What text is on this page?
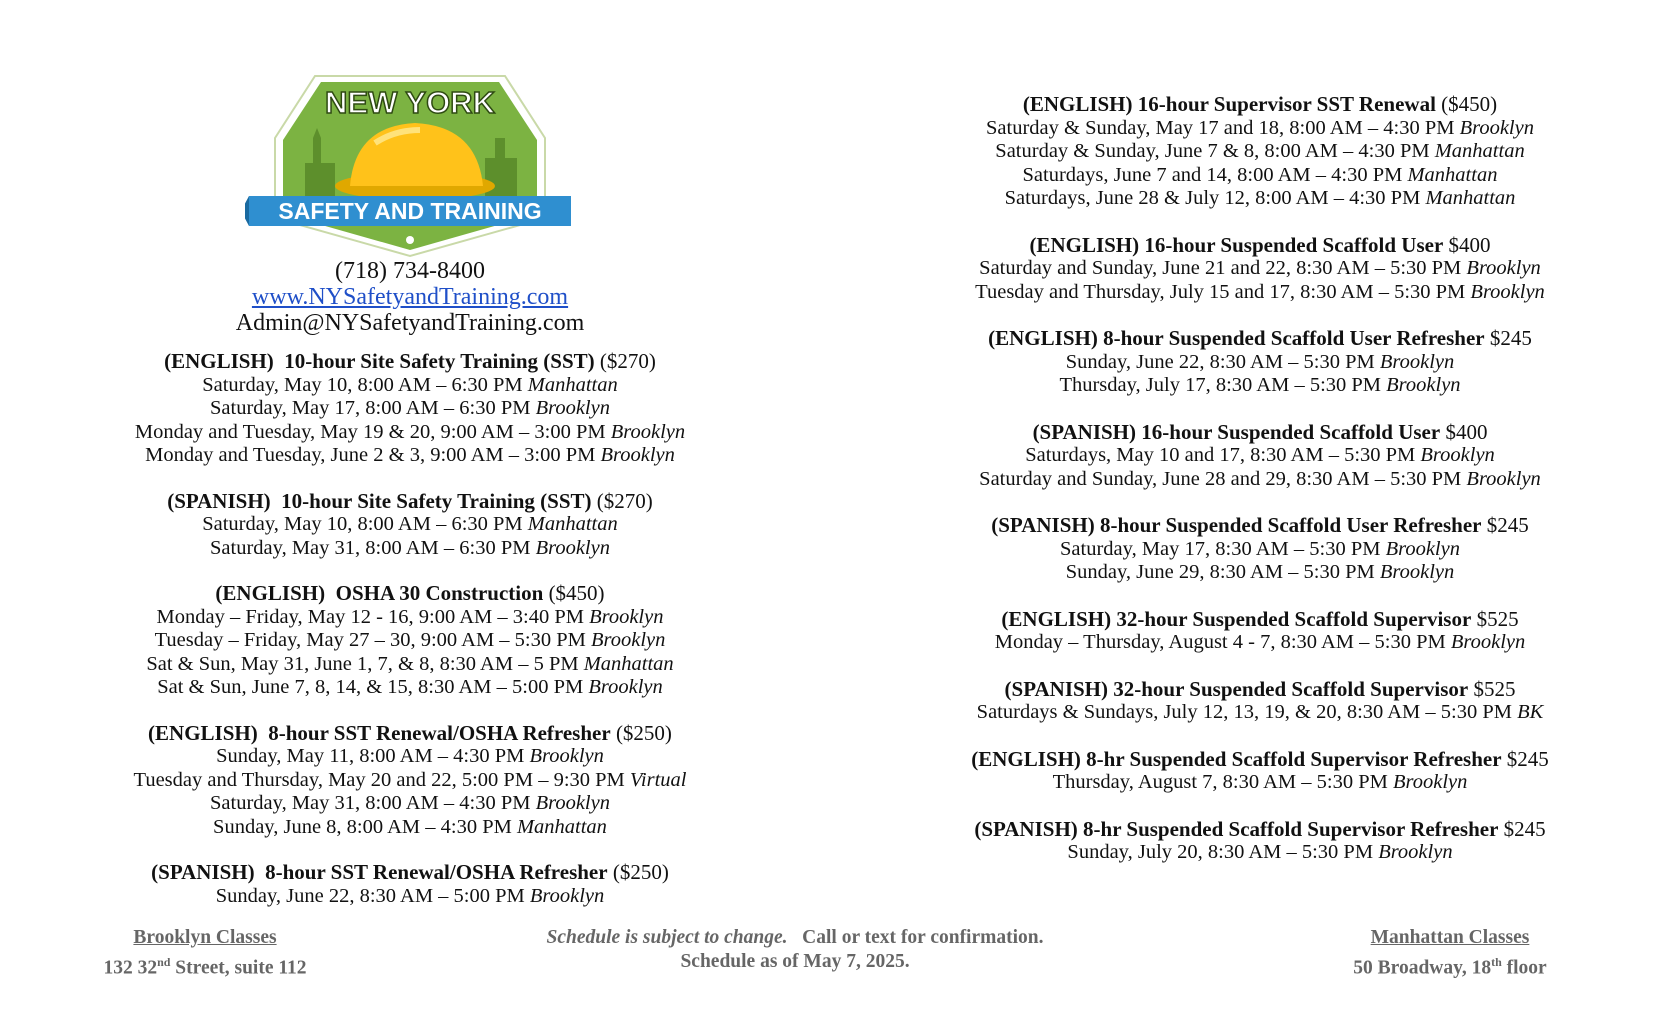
NEW YORK
SAFETY AND TRAINING
(718) 734-8400
www.NYSafetyandTraining.com
Admin@NYSafetyandTraining.com
(ENGLISH) 10-hour Site Safety Training (SST) ($270)
Saturday, May 10, 8:00 AM – 6:30 PM Manhattan
Saturday, May 17, 8:00 AM – 6:30 PM Brooklyn
Monday and Tuesday, May 19 & 20, 9:00 AM – 3:00 PM Brooklyn
Monday and Tuesday, June 2 & 3, 9:00 AM – 3:00 PM Brooklyn
(SPANISH) 10-hour Site Safety Training (SST) ($270)
Saturday, May 10, 8:00 AM – 6:30 PM Manhattan
Saturday, May 31, 8:00 AM – 6:30 PM Brooklyn
(ENGLISH) OSHA 30 Construction ($450)
Monday – Friday, May 12 - 16, 9:00 AM – 3:40 PM Brooklyn
Tuesday – Friday, May 27 – 30, 9:00 AM – 5:30 PM Brooklyn
Sat & Sun, May 31, June 1, 7, & 8, 8:30 AM – 5 PM Manhattan
Sat & Sun, June 7, 8, 14, & 15, 8:30 AM – 5:00 PM Brooklyn
(ENGLISH) 8-hour SST Renewal/OSHA Refresher ($250)
Sunday, May 11, 8:00 AM – 4:30 PM Brooklyn
Tuesday and Thursday, May 20 and 22, 5:00 PM – 9:30 PM Virtual
Saturday, May 31, 8:00 AM – 4:30 PM Brooklyn
Sunday, June 8, 8:00 AM – 4:30 PM Manhattan
(SPANISH) 8-hour SST Renewal/OSHA Refresher ($250)
Sunday, June 22, 8:30 AM – 5:00 PM Brooklyn
(ENGLISH) 16-hour Supervisor SST Renewal ($450)
Saturday & Sunday, May 17 and 18, 8:00 AM – 4:30 PM Brooklyn
Saturday & Sunday, June 7 & 8, 8:00 AM – 4:30 PM Manhattan
Saturdays, June 7 and 14, 8:00 AM – 4:30 PM Manhattan
Saturdays, June 28 & July 12, 8:00 AM – 4:30 PM Manhattan
(ENGLISH) 16-hour Suspended Scaffold User $400
Saturday and Sunday, June 21 and 22, 8:30 AM – 5:30 PM Brooklyn
Tuesday and Thursday, July 15 and 17, 8:30 AM – 5:30 PM Brooklyn
(ENGLISH) 8-hour Suspended Scaffold User Refresher $245
Sunday, June 22, 8:30 AM – 5:30 PM Brooklyn
Thursday, July 17, 8:30 AM – 5:30 PM Brooklyn
(SPANISH) 16-hour Suspended Scaffold User $400
Saturdays, May 10 and 17, 8:30 AM – 5:30 PM Brooklyn
Saturday and Sunday, June 28 and 29, 8:30 AM – 5:30 PM Brooklyn
(SPANISH) 8-hour Suspended Scaffold User Refresher $245
Saturday, May 17, 8:30 AM – 5:30 PM Brooklyn
Sunday, June 29, 8:30 AM – 5:30 PM Brooklyn
(ENGLISH) 32-hour Suspended Scaffold Supervisor $525
Monday – Thursday, August 4 - 7, 8:30 AM – 5:30 PM Brooklyn
(SPANISH) 32-hour Suspended Scaffold Supervisor $525
Saturdays & Sundays, July 12, 13, 19, & 20, 8:30 AM – 5:30 PM BK
(ENGLISH) 8-hr Suspended Scaffold Supervisor Refresher $245
Thursday, August 7, 8:30 AM – 5:30 PM Brooklyn
(SPANISH) 8-hr Suspended Scaffold Supervisor Refresher $245
Sunday, July 20, 8:30 AM – 5:30 PM Brooklyn
Brooklyn Classes
132 32nd Street, suite 112
Schedule is subject to change. Call or text for confirmation.
Schedule as of May 7, 2025.
Manhattan Classes
50 Broadway, 18th floor
